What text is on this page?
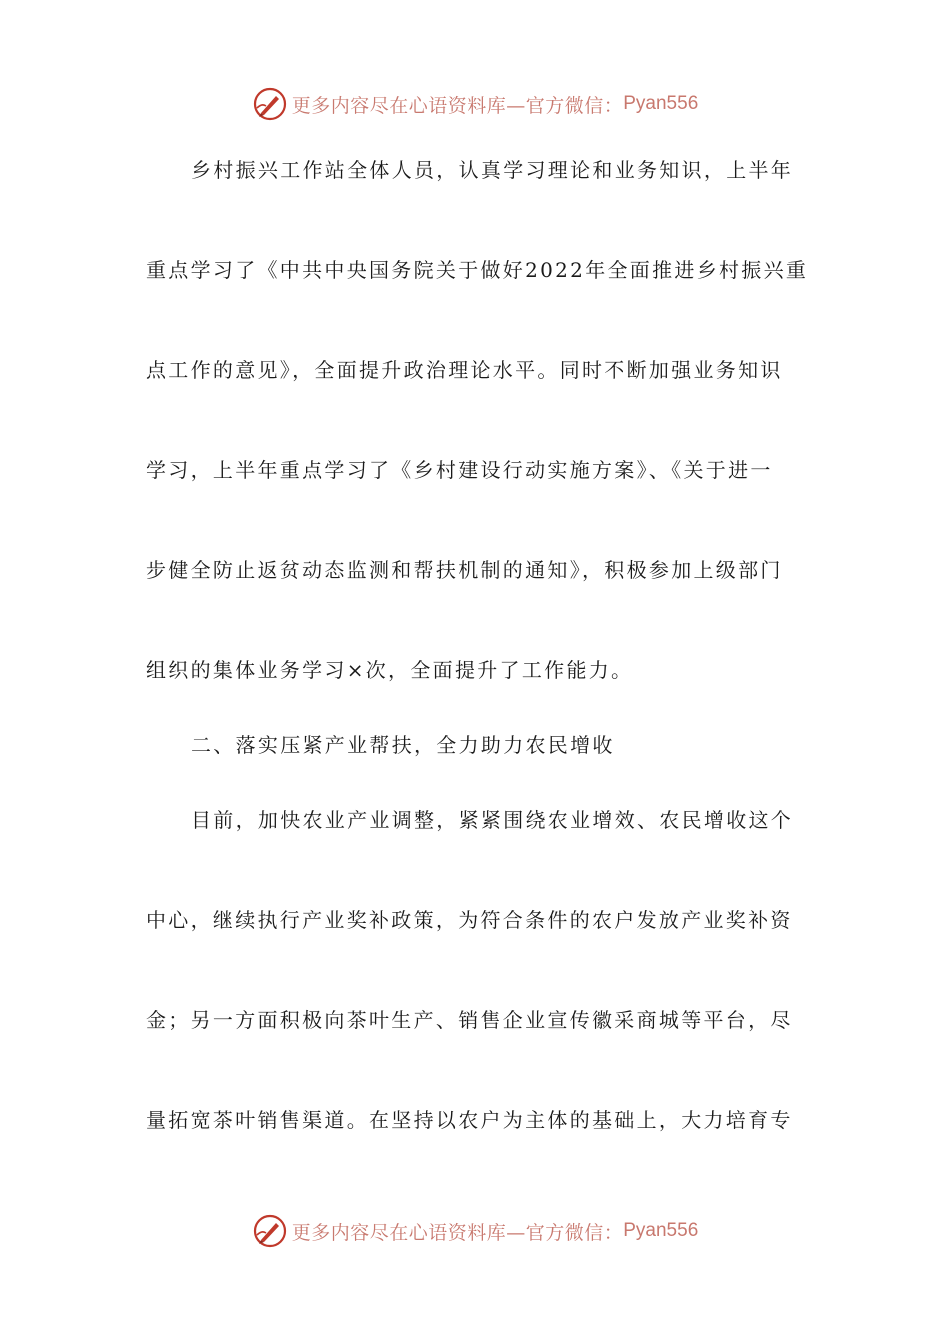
更多内容尽在心语资料库—官方微信： Pyan556
乡村振兴工作站全体人员，认真学习理论和业务知识，上半年
重点学习了《中共中央国务院关于做好2022年全面推进乡村振兴重
点工作的意见》，全面提升政治理论水平。同时不断加强业务知识
学习，上半年重点学习了《乡村建设行动实施方案》、《关于进一
步健全防止返贫动态监测和帮扶机制的通知》，积极参加上级部门
组织的集体业务学习×次，全面提升了工作能力。
二、落实压紧产业帮扶，全力助力农民增收
目前，加快农业产业调整，紧紧围绕农业增效、农民增收这个
中心，继续执行产业奖补政策，为符合条件的农户发放产业奖补资
金；另一方面积极向茶叶生产、销售企业宣传徽采商城等平台，尽
量拓宽茶叶销售渠道。在坚持以农户为主体的基础上，大力培育专
更多内容尽在心语资料库—官方微信： Pyan556
